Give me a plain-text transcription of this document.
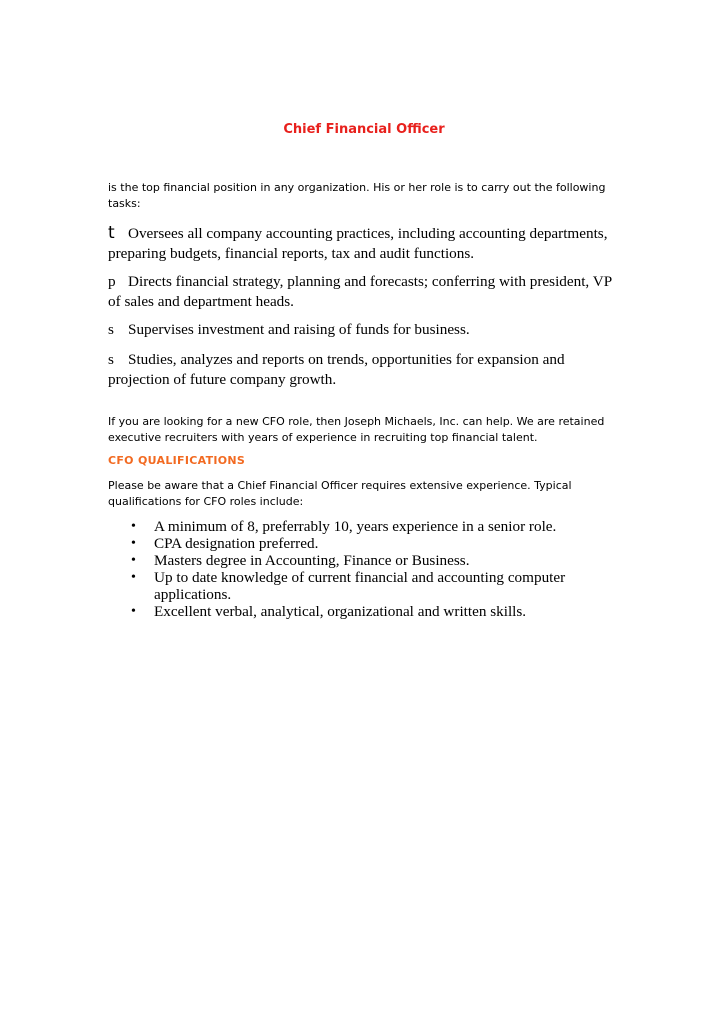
Chief Financial Officer
is the top financial position in any organization. His or her role is to carry out the following tasks:
t Oversees all company accounting practices, including accounting departments, preparing budgets, financial reports, tax and audit functions.
p Directs financial strategy, planning and forecasts; conferring with president, VP of sales and department heads.
s Supervises investment and raising of funds for business.
s Studies, analyzes and reports on trends, opportunities for expansion and projection of future company growth.
If you are looking for a new CFO role, then Joseph Michaels, Inc. can help. We are retained executive recruiters with years of experience in recruiting top financial talent.
CFO QUALIFICATIONS
Please be aware that a Chief Financial Officer requires extensive experience. Typical qualifications for CFO roles include:
• A minimum of 8, preferrably 10, years experience in a senior role.
• CPA designation preferred.
• Masters degree in Accounting, Finance or Business.
• Up to date knowledge of current financial and accounting computer applications.
• Excellent verbal, analytical, organizational and written skills.
